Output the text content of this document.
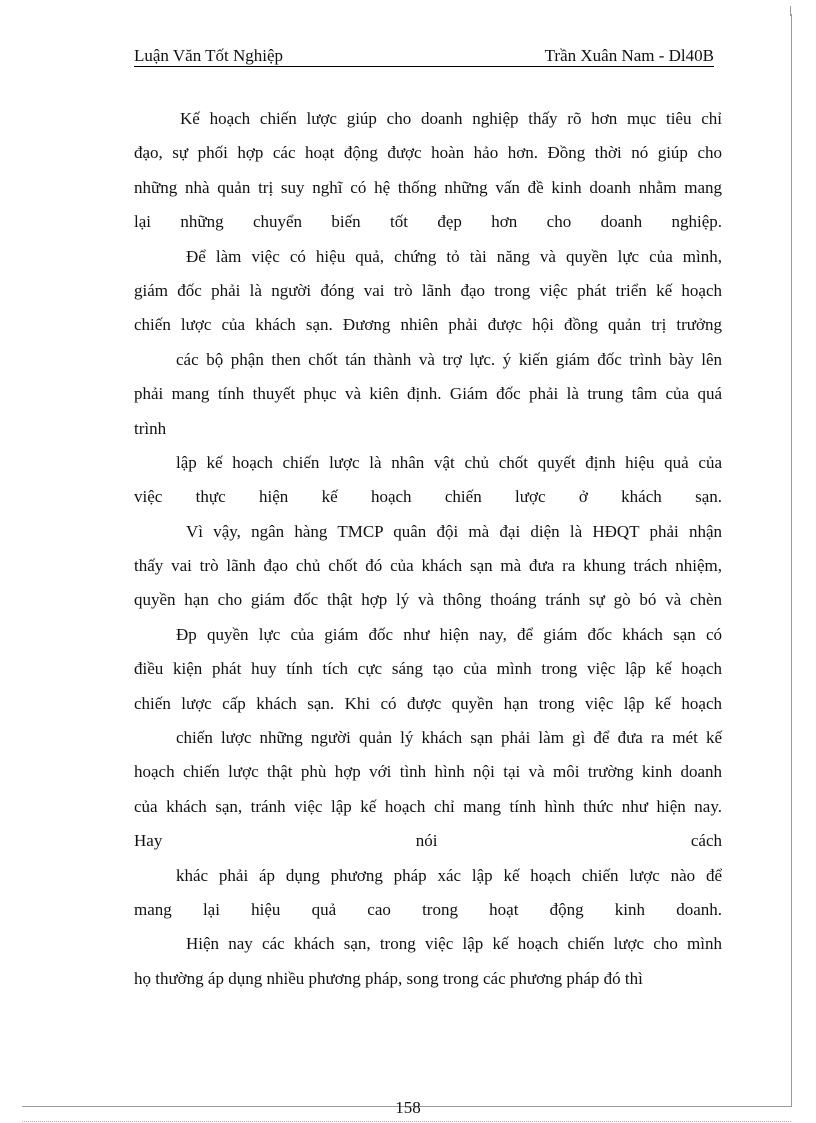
Luận Văn Tốt Nghiệp	Trần Xuân Nam - Dl40B
Kế hoạch chiến lược giúp cho doanh nghiệp thấy rõ hơn mục tiêu chỉ
đạo, sự phối hợp các hoạt động được hoàn hảo hơn. Đồng thời nó giúp cho
những nhà quản trị suy nghĩ có hệ thống những vấn đề kinh doanh nhằm mang
lại những chuyển biến tốt đẹp hơn cho doanh nghiệp.
Để làm việc có hiệu quả, chứng tỏ tài năng và quyền lực của mình,
giám đốc phải là người đóng vai trò lãnh đạo trong việc phát triển kế hoạch
chiến lược của khách sạn. Đương nhiên phải được hội đồng quản trị trưởng
các bộ phận then chốt tán thành và trợ lực. ý kiến giám đốc trình bày lên
phải mang tính thuyết phục và kiên định. Giám đốc phải là trung tâm của quá
trình
lập kế hoạch chiến lược là nhân vật chủ chốt quyết định hiệu quả của
việc thực hiện kế hoạch chiến lược ở khách sạn.
Vì vậy, ngân hàng TMCP quân đội mà đại diện là HĐQT phải nhận
thấy vai trò lãnh đạo chủ chốt đó của khách sạn mà đưa ra khung trách nhiệm,
quyền hạn cho giám đốc thật hợp lý và thông thoáng tránh sự gò bó và chèn
Ðp quyền lực của giám đốc như hiện nay, để giám đốc khách sạn có
điều kiện phát huy tính tích cực sáng tạo của mình trong việc lập kế hoạch
chiến lược cấp khách sạn. Khi có được quyền hạn trong việc lập kế hoạch
chiến lược những người quản lý khách sạn phải làm gì để đưa ra mét kế
hoạch chiến lược thật phù hợp với tình hình nội tại và môi trường kinh doanh
của khách sạn, tránh việc lập kế hoạch chỉ mang tính hình thức như hiện nay.
Hay nói cách
khác phải áp dụng phương pháp xác lập kế hoạch chiến lược nào để
mang lại hiệu quả cao trong hoạt động kinh doanh.
Hiện nay các khách sạn, trong việc lập kế hoạch chiến lược cho mình
họ thường áp dụng nhiều phương pháp, song trong các phương pháp đó thì
158
